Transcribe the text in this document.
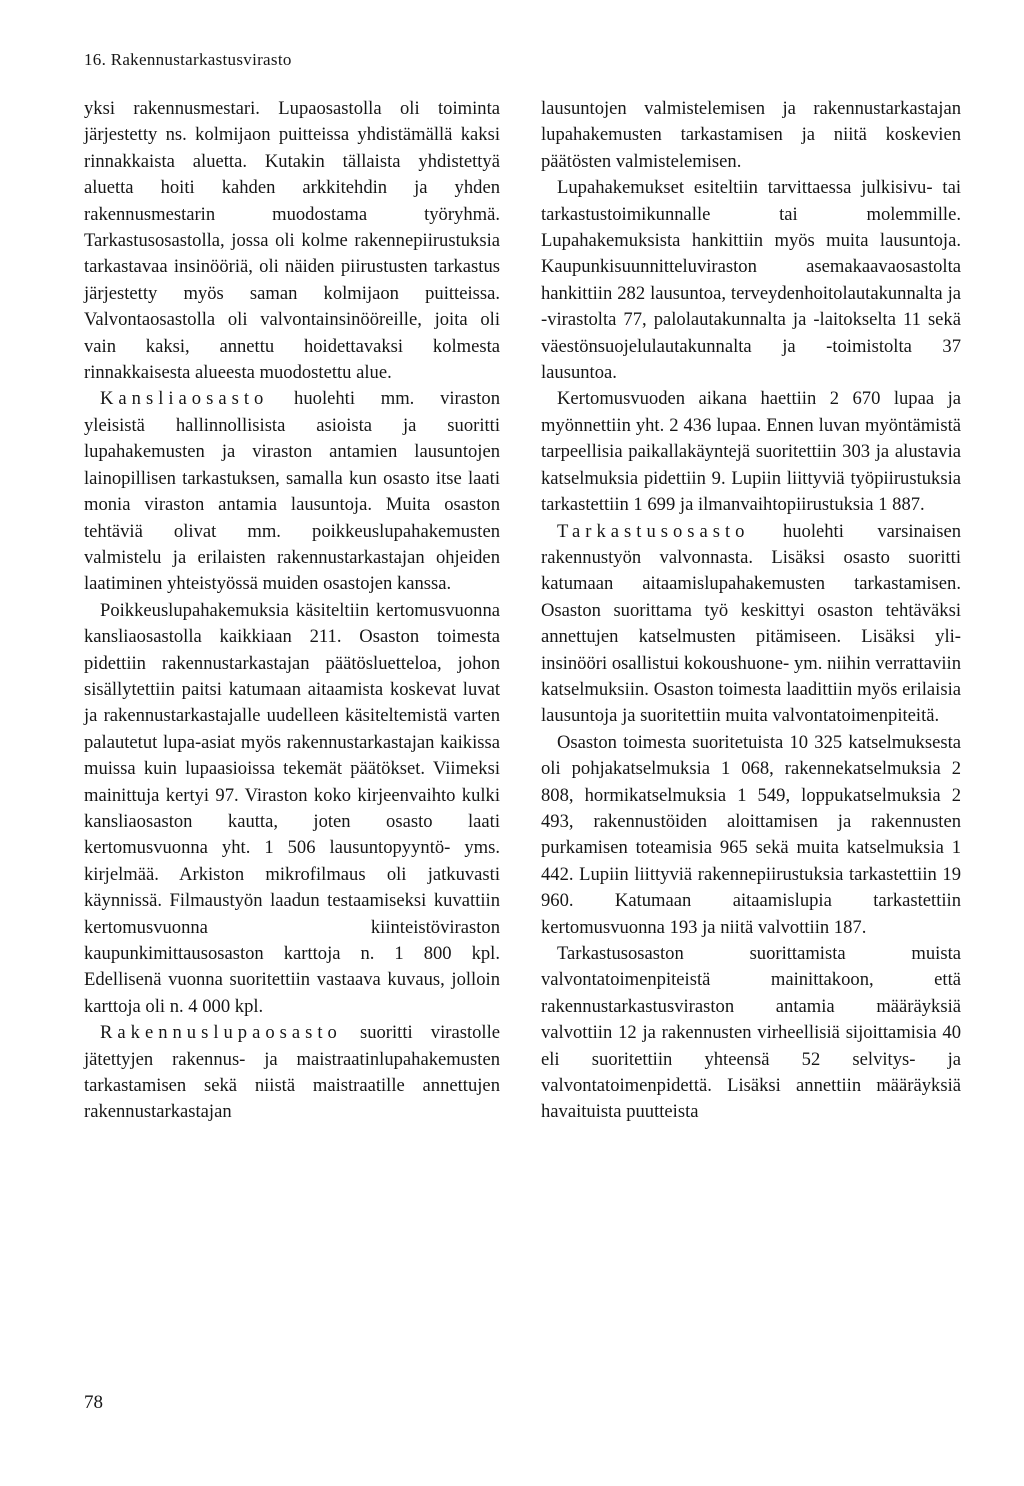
16. Rakennustarkastusvirasto

yksi rakennusmestari. Lupaosastolla oli toiminta järjestetty ns. kolmijaon puitteissa yhdistämällä kaksi rinnakkaista aluetta. Kutakin tällaista yhdistettyä aluetta hoiti kahden arkkitehdin ja yhden rakennusmestarin muodostama työryhmä. Tarkastusosastolla, jossa oli kolme rakennepiirustuksia tarkastavaa insinööriä, oli näiden piirustusten tarkastus järjestetty myös saman kolmijaon puitteissa. Valvontaosastolla oli valvontainsinööreille, joita oli vain kaksi, annettu hoidettavaksi kolmesta rinnakkaisesta alueesta muodostettu alue.

Kansliaosasto huolehti mm. viraston yleisistä hallinnollisista asioista ja suoritti lupahakemusten ja viraston antamien lausuntojen lainopillisen tarkastuksen, samalla kun osasto itse laati monia viraston antamia lausuntoja. Muita osaston tehtäviä olivat mm. poikkeuslupahakemusten valmistelu ja erilaisten rakennustarkastajan ohjeiden laatiminen yhteistyössä muiden osastojen kanssa.

Poikkeuslupahakemuksia käsiteltiin kertomusvuonna kansliaosastolla kaikkiaan 211. Osaston toimesta pidettiin rakennustarkastajan päätösluetteloa, johon sisällytettiin paitsi katumaan aitaamista koskevat luvat ja rakennustarkastajalle uudelleen käsiteltemistä varten palautetut lupa-asiat myös rakennustarkastajan kaikissa muissa kuin lupaasioissa tekemät päätökset. Viimeksi mainittuja kertyi 97. Viraston koko kirjeenvaihto kulki kansliaosaston kautta, joten osasto laati kertomusvuonna yht. 1 506 lausuntopyyntö- yms. kirjelmää. Arkiston mikrofilmaus oli jatkuvasti käynnissä. Filmaustyön laadun testaamiseksi kuvattiin kertomusvuonna kiinteistöviraston kaupunkimittausosaston karttoja n. 1 800 kpl. Edellisenä vuonna suoritettiin vastaava kuvaus, jolloin karttoja oli n. 4 000 kpl.

Rakennuslupaosasto suoritti virastolle jätettyjen rakennus- ja maistraatinlupahakemusten tarkastamisen sekä niistä maistraatille annettujen rakennustarkastajan

lausuntojen valmistelemisen ja rakennustarkastajan lupahakemusten tarkastamisen ja niitä koskevien päätösten valmistelemisen.

Lupahakemukset esiteltiin tarvittaessa julkisivu- tai tarkastustoimikunnalle tai molemmille. Lupahakemuksista hankittiin myös muita lausuntoja. Kaupunkisuunnitteluviraston asemakaavaosastolta hankittiin 282 lausuntoa, terveydenhoitolautakunnalta ja -virastolta 77, palolautakunnalta ja -laitokselta 11 sekä väestönsuojelulautakunnalta ja -toimistolta 37 lausuntoa.

Kertomusvuoden aikana haettiin 2 670 lupaa ja myönnettiin yht. 2 436 lupaa. Ennen luvan myöntämistä tarpeellisia paikallakäyntejä suoritettiin 303 ja alustavia katselmuksia pidettiin 9. Lupiin liittyviä työpiirustuksia tarkastettiin 1 699 ja ilmanvaihtopiirustuksia 1 887.

Tarkastusosasto huolehti varsinaisen rakennustyön valvonnasta. Lisäksi osasto suoritti katumaan aitaamislupahakemusten tarkastamisen. Osaston suorittama työ keskittyi osaston tehtäväksi annettujen katselmusten pitämiseen. Lisäksi yli-insinööri osallistui kokoushuone- ym. niihin verrattaviin katselmuksiin. Osaston toimesta laadittiin myös erilaisia lausuntoja ja suoritettiin muita valvontatoimenpiteitä.

Osaston toimesta suoritetuista 10 325 katselmuksesta oli pohjakatselmuksia 1 068, rakennekatselmuksia 2 808, hormikatselmuksia 1 549, loppukatselmuksia 2 493, rakennustöiden aloittamisen ja rakennusten purkamisen toteamisia 965 sekä muita katselmuksia 1 442. Lupiin liittyviä rakennepiirustuksia tarkastettiin 19 960. Katumaan aitaamislupia tarkastettiin kertomusvuonna 193 ja niitä valvottiin 187.

Tarkastusosaston suorittamista muista valvontatoimenpiteistä mainittakoon, että rakennustarkastusviraston antamia määräyksiä valvottiin 12 ja rakennusten virheellisiä sijoittamisia 40 eli suoritettiin yhteensä 52 selvitys- ja valvontatoimenpidettä. Lisäksi annettiin määräyksiä havaituista puutteista

78
